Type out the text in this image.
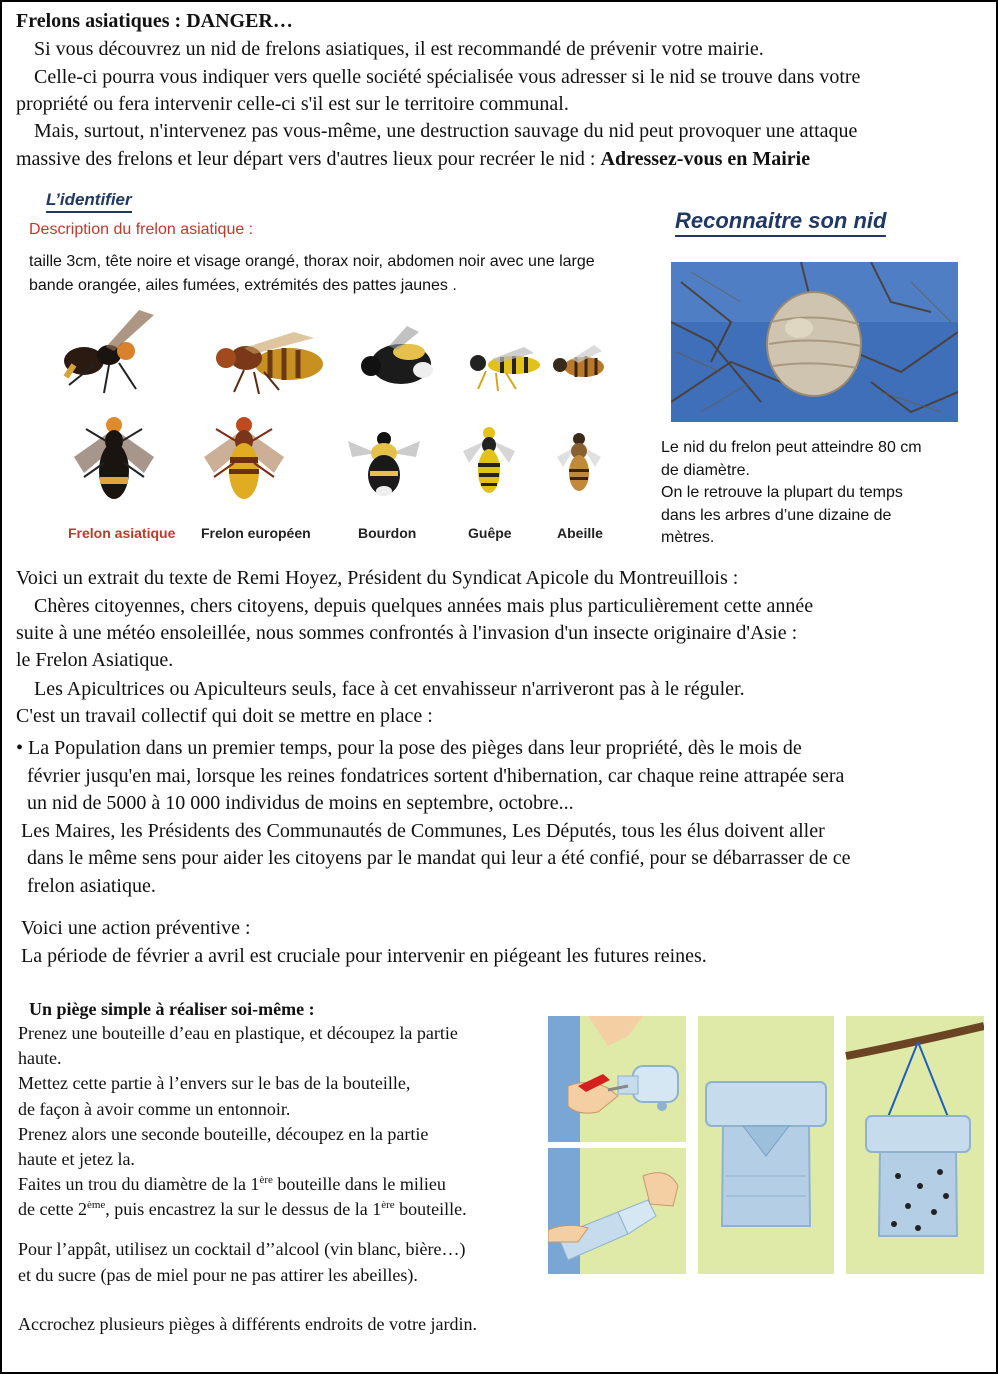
Frelons asiatiques : DANGER…

Si vous découvrez un nid de frelons asiatiques, il est recommandé de prévenir votre mairie.

Celle-ci pourra vous indiquer vers quelle société spécialisée vous adresser si le nid se trouve dans votre

propriété ou fera intervenir celle-ci s'il est sur le territoire communal.

Mais, surtout, n'intervenez pas vous-même, une destruction sauvage du nid peut provoquer une attaque

massive des frelons et leur départ vers d'autres lieux pour recréer le nid : Adressez-vous en Mairie

L’identifier
Description du frelon asiatique :
taille 3cm, tête noire et visage orangé, thorax noir, abdomen noir avec une large
bande orangée, ailes fumées, extrémités des pattes jaunes .
Frelon asiatique Frelon européen	Bourdon	Guêpe	Abeille
Reconnaitre son nid
Le nid du frelon peut atteindre 80 cm
de diamètre.
On le retrouve la plupart du temps
dans les arbres d’une dizaine de
mètres.

Voici un extrait du texte de Remi Hoyez, Président du Syndicat Apicole du Montreuillois :

Chères citoyennes, chers citoyens, depuis quelques années mais plus particulièrement cette année

suite à une météo ensoleillée, nous sommes confrontés à l'invasion d'un insecte originaire d'Asie :

le Frelon Asiatique.

Les Apicultrices ou Apiculteurs seuls, face à cet envahisseur n'arriveront pas à le réguler.

C'est un travail collectif qui doit se mettre en place :

• La Population dans un premier temps, pour la pose des pièges dans leur propriété, dès le mois de

février jusqu'en mai, lorsque les reines fondatrices sortent d'hibernation, car chaque reine attrapée sera

un nid de 5000 à 10 000 individus de moins en septembre, octobre...

Les Maires, les Présidents des Communautés de Communes, Les Députés, tous les élus doivent aller

dans le même sens pour aider les citoyens par le mandat qui leur a été confié, pour se débarrasser de ce

frelon asiatique.

Voici une action préventive :

La période de février a avril est cruciale pour intervenir en piégeant les futures reines.

Un piège simple à réaliser soi-même :

Prenez une bouteille d’eau en plastique, et découpez la partie
haute.
Mettez cette partie à l’envers sur le bas de la bouteille,
de façon à avoir comme un entonnoir.
Prenez alors une seconde bouteille, découpez en la partie
haute et jetez la.
Faites un trou du diamètre de la 1ère bouteille dans le milieu
de cette 2ème, puis encastrez la sur le dessus de la 1ère bouteille.
Pour l’appât, utilisez un cocktail d’’alcool (vin blanc, bière…)
et du sucre (pas de miel pour ne pas attirer les abeilles).

Accrochez plusieurs pièges à différents endroits de votre jardin.
